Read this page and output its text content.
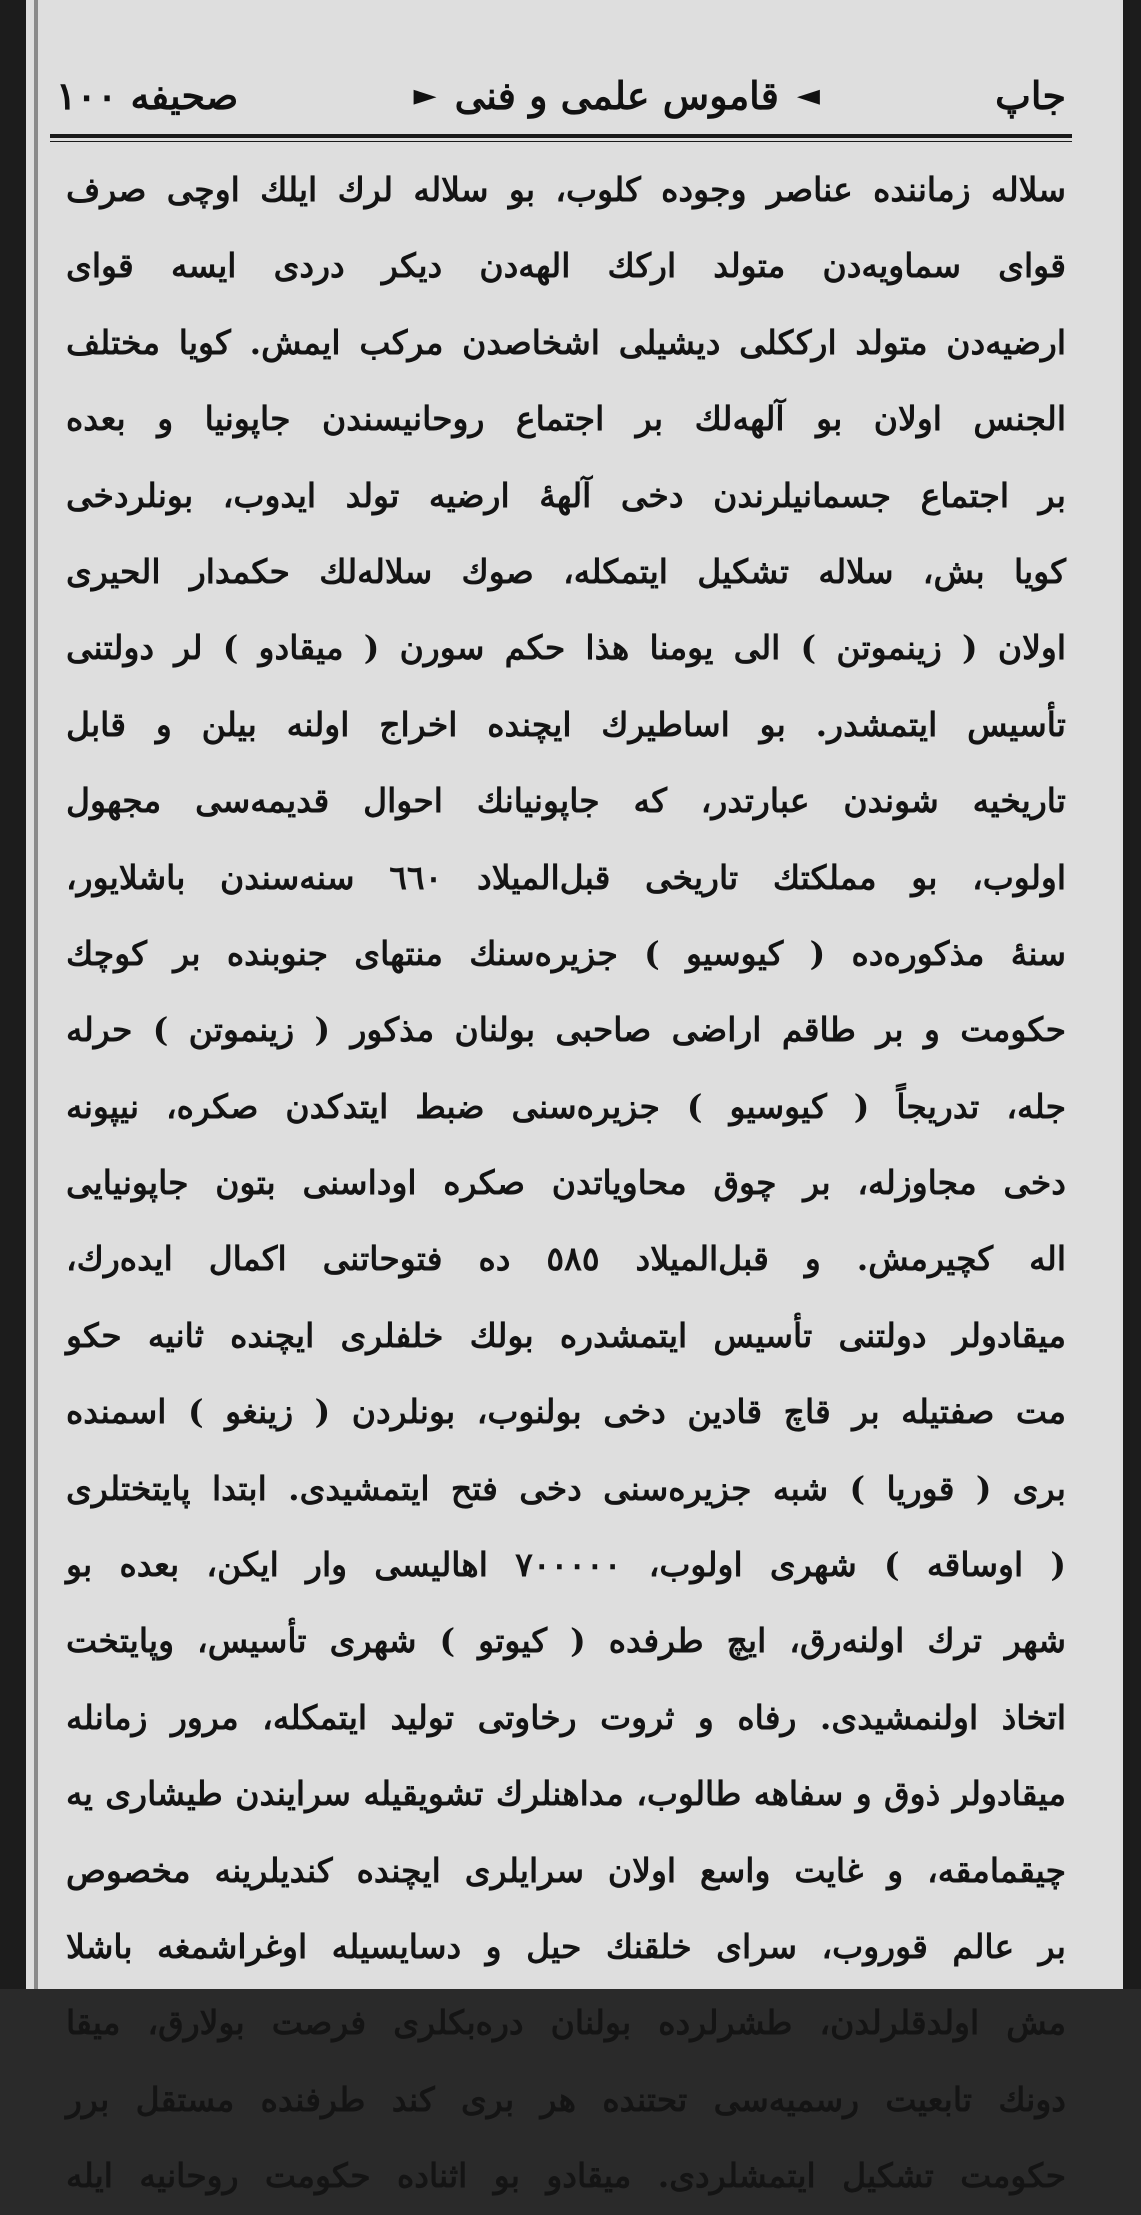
جاپ
◄
قاموس علمی و فنی
►
صحیفه ١٠٠
سلاله زماننده عناصر وجوده کلوب، بو سلاله لرك ایلك اوچی صرف
قوای سماویه‌دن متولد ارکك الهه‌دن دیکر دردی ایسه قوای
ارضیه‌دن متولد ارککلی دیشیلی اشخاصدن مرکب ایمش. کویا مختلف
الجنس اولان بو آلهه‌لك بر اجتماع روحانیسندن جاپونیا و بعده
بر اجتماع جسمانیلرندن دخی آلهۀ ارضیه تولد ایدوب، بونلردخی
کویا بش، سلاله تشکیل ایتمکله، صوك سلاله‌لك حکمدار الحیری
اولان ( زینموتن ) الی یومنا هذا حکم سورن ( میقادو ) لر دولتنی
تأسیس ایتمشدر. بو اساطیرك ایچنده اخراج اولنه بیلن و قابل
تاریخیه شوندن عبارتدر، که جاپونیانك احوال قدیمه‌سی مجهول
اولوب، بو مملکتك تاریخی قبل‌المیلاد ٦٦٠ سنه‌سندن باشلایور،
سنۀ مذکوره‌ده ( کیوسیو ) جزیره‌سنك منتهای جنوبنده بر کوچك
حکومت و بر طاقم اراضی صاحبی بولنان مذکور ( زینموتن ) حرله
جله، تدریجاً ( کیوسیو ) جزیره‌سنی ضبط ایتدکدن صکره، نیپونه
دخی مجاوزله، بر چوق محاویاتدن صکره اوداسنی بتون جاپونیایی
اله کچیرمش. و قبل‌المیلاد ٥٨٥ ده فتوحاتنی اکمال ایده‌رك،
میقادولر دولتنی تأسیس ایتمشدره بولك خلفلری ایچنده ثانیه حکو
مت صفتیله بر قاچ قادین دخی بولنوب، بونلردن ( زینغو ) اسمنده
بری ( قوریا ) شبه جزیره‌سنی دخی فتح ایتمشیدی. ابتدا پایتختلری
( اوساقه ) شهری اولوب، ٧٠٠٠٠٠ اهالیسی وار ایکن، بعده بو
شهر ترك اولنه‌رق، ایچ طرفده ( کیوتو ) شهری تأسیس، وپایتخت
اتخاذ اولنمشیدی. رفاه و ثروت رخاوتی تولید ایتمکله، مرور زمانله
میقادولر ذوق و سفاهه طالوب، مداهنلرك تشویقیله سرایندن طیشاری یه
چیقمامقه، و غایت واسع اولان سرایلری ایچنده کندیلرینه مخصوص
بر عالم قوروب، سرای خلقنك حیل و دسایسیله اوغراشمغه باشلا
مش اولدقلرلدن، طشرلرده بولنان دره‌بکلری فرصت بولارق، میقا
دونك تابعیت رسمیه‌سی تحتنده هر بری کند طرفنده مستقل برر
حکومت تشکیل ایتمشلردی. میقادو بو اثناده حکومت روحانیه ایله
